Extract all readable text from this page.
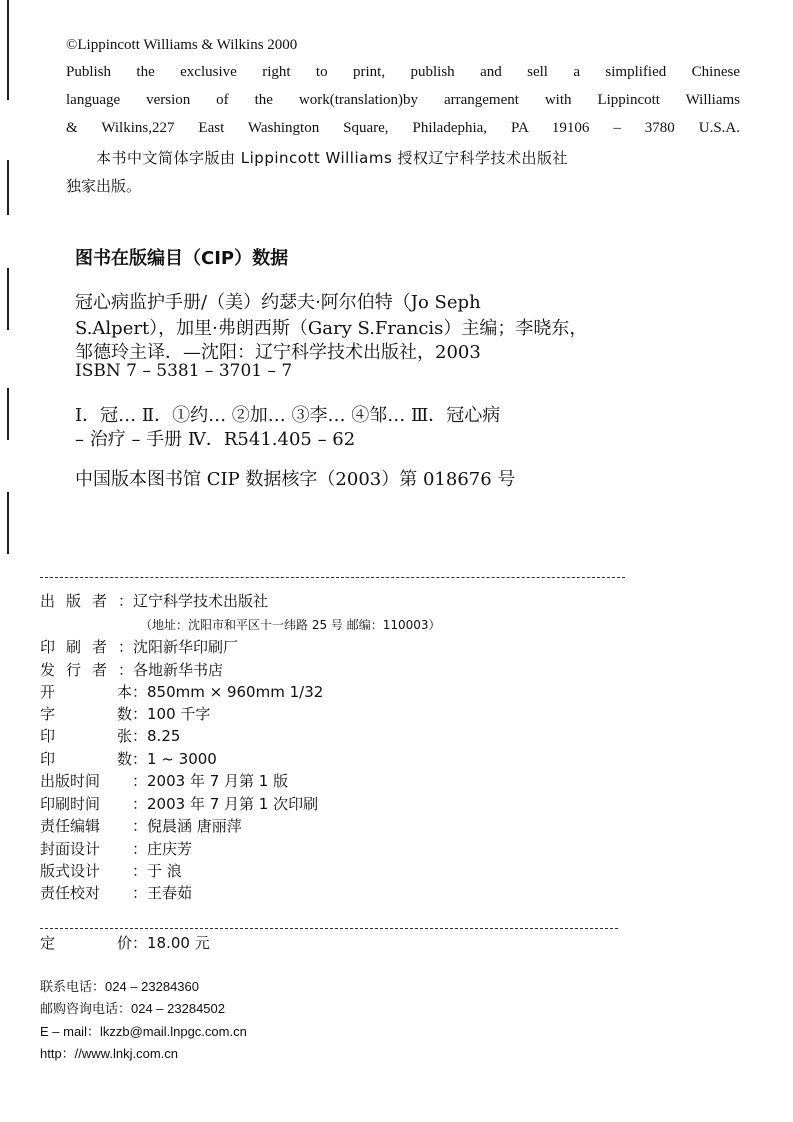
©Lippincott Williams & Wilkins 2000
Publish the exclusive right to print, publish and sell a simplified Chinese
language version of the work(translation)by arrangement with Lippincott Williams
& Wilkins,227 East Washington Square, Philadephia, PA 19106 – 3780 U.S.A.
本书中文简体字版由 Lippincott Williams 授权辽宁科学技术出版社
独家出版。
图书在版编目（CIP）数据
冠心病监护手册/（美）约瑟夫·阿尔伯特（Jo Seph
S.Alpert），加里·弗朗西斯（Gary S.Francis）主编；李晓东，
邹德玲主译．—沈阳：辽宁科学技术出版社，2003
ISBN 7 – 5381 – 3701 – 7
Ⅰ．冠… Ⅱ．①约… ②加… ③李… ④邹… Ⅲ．冠心病
– 治疗 – 手册 Ⅳ．R541.405 – 62
中国版本图书馆 CIP 数据核字（2003）第 018676 号
出版者：辽宁科学技术出版社
（地址：沈阳市和平区十一纬路 25 号 邮编：110003）
印刷者：沈阳新华印刷厂
发行者：各地新华书店
开本：850mm × 960mm 1/32
字数：100 千字
印张：8.25
印数：1 ~ 3000
出版时间 ：2003 年 7 月第 1 版
印刷时间 ：2003 年 7 月第 1 次印刷
责任编辑 ：倪晨涵 唐丽萍
封面设计 ：庄庆芳
版式设计 ：于 浪
责任校对 ：王春茹
定价：18.00 元
联系电话：024 – 23284360
邮购咨询电话：024 – 23284502
E – mail：lkzzb@mail.lnpgc.com.cn
http：//www.lnkj.com.cn
